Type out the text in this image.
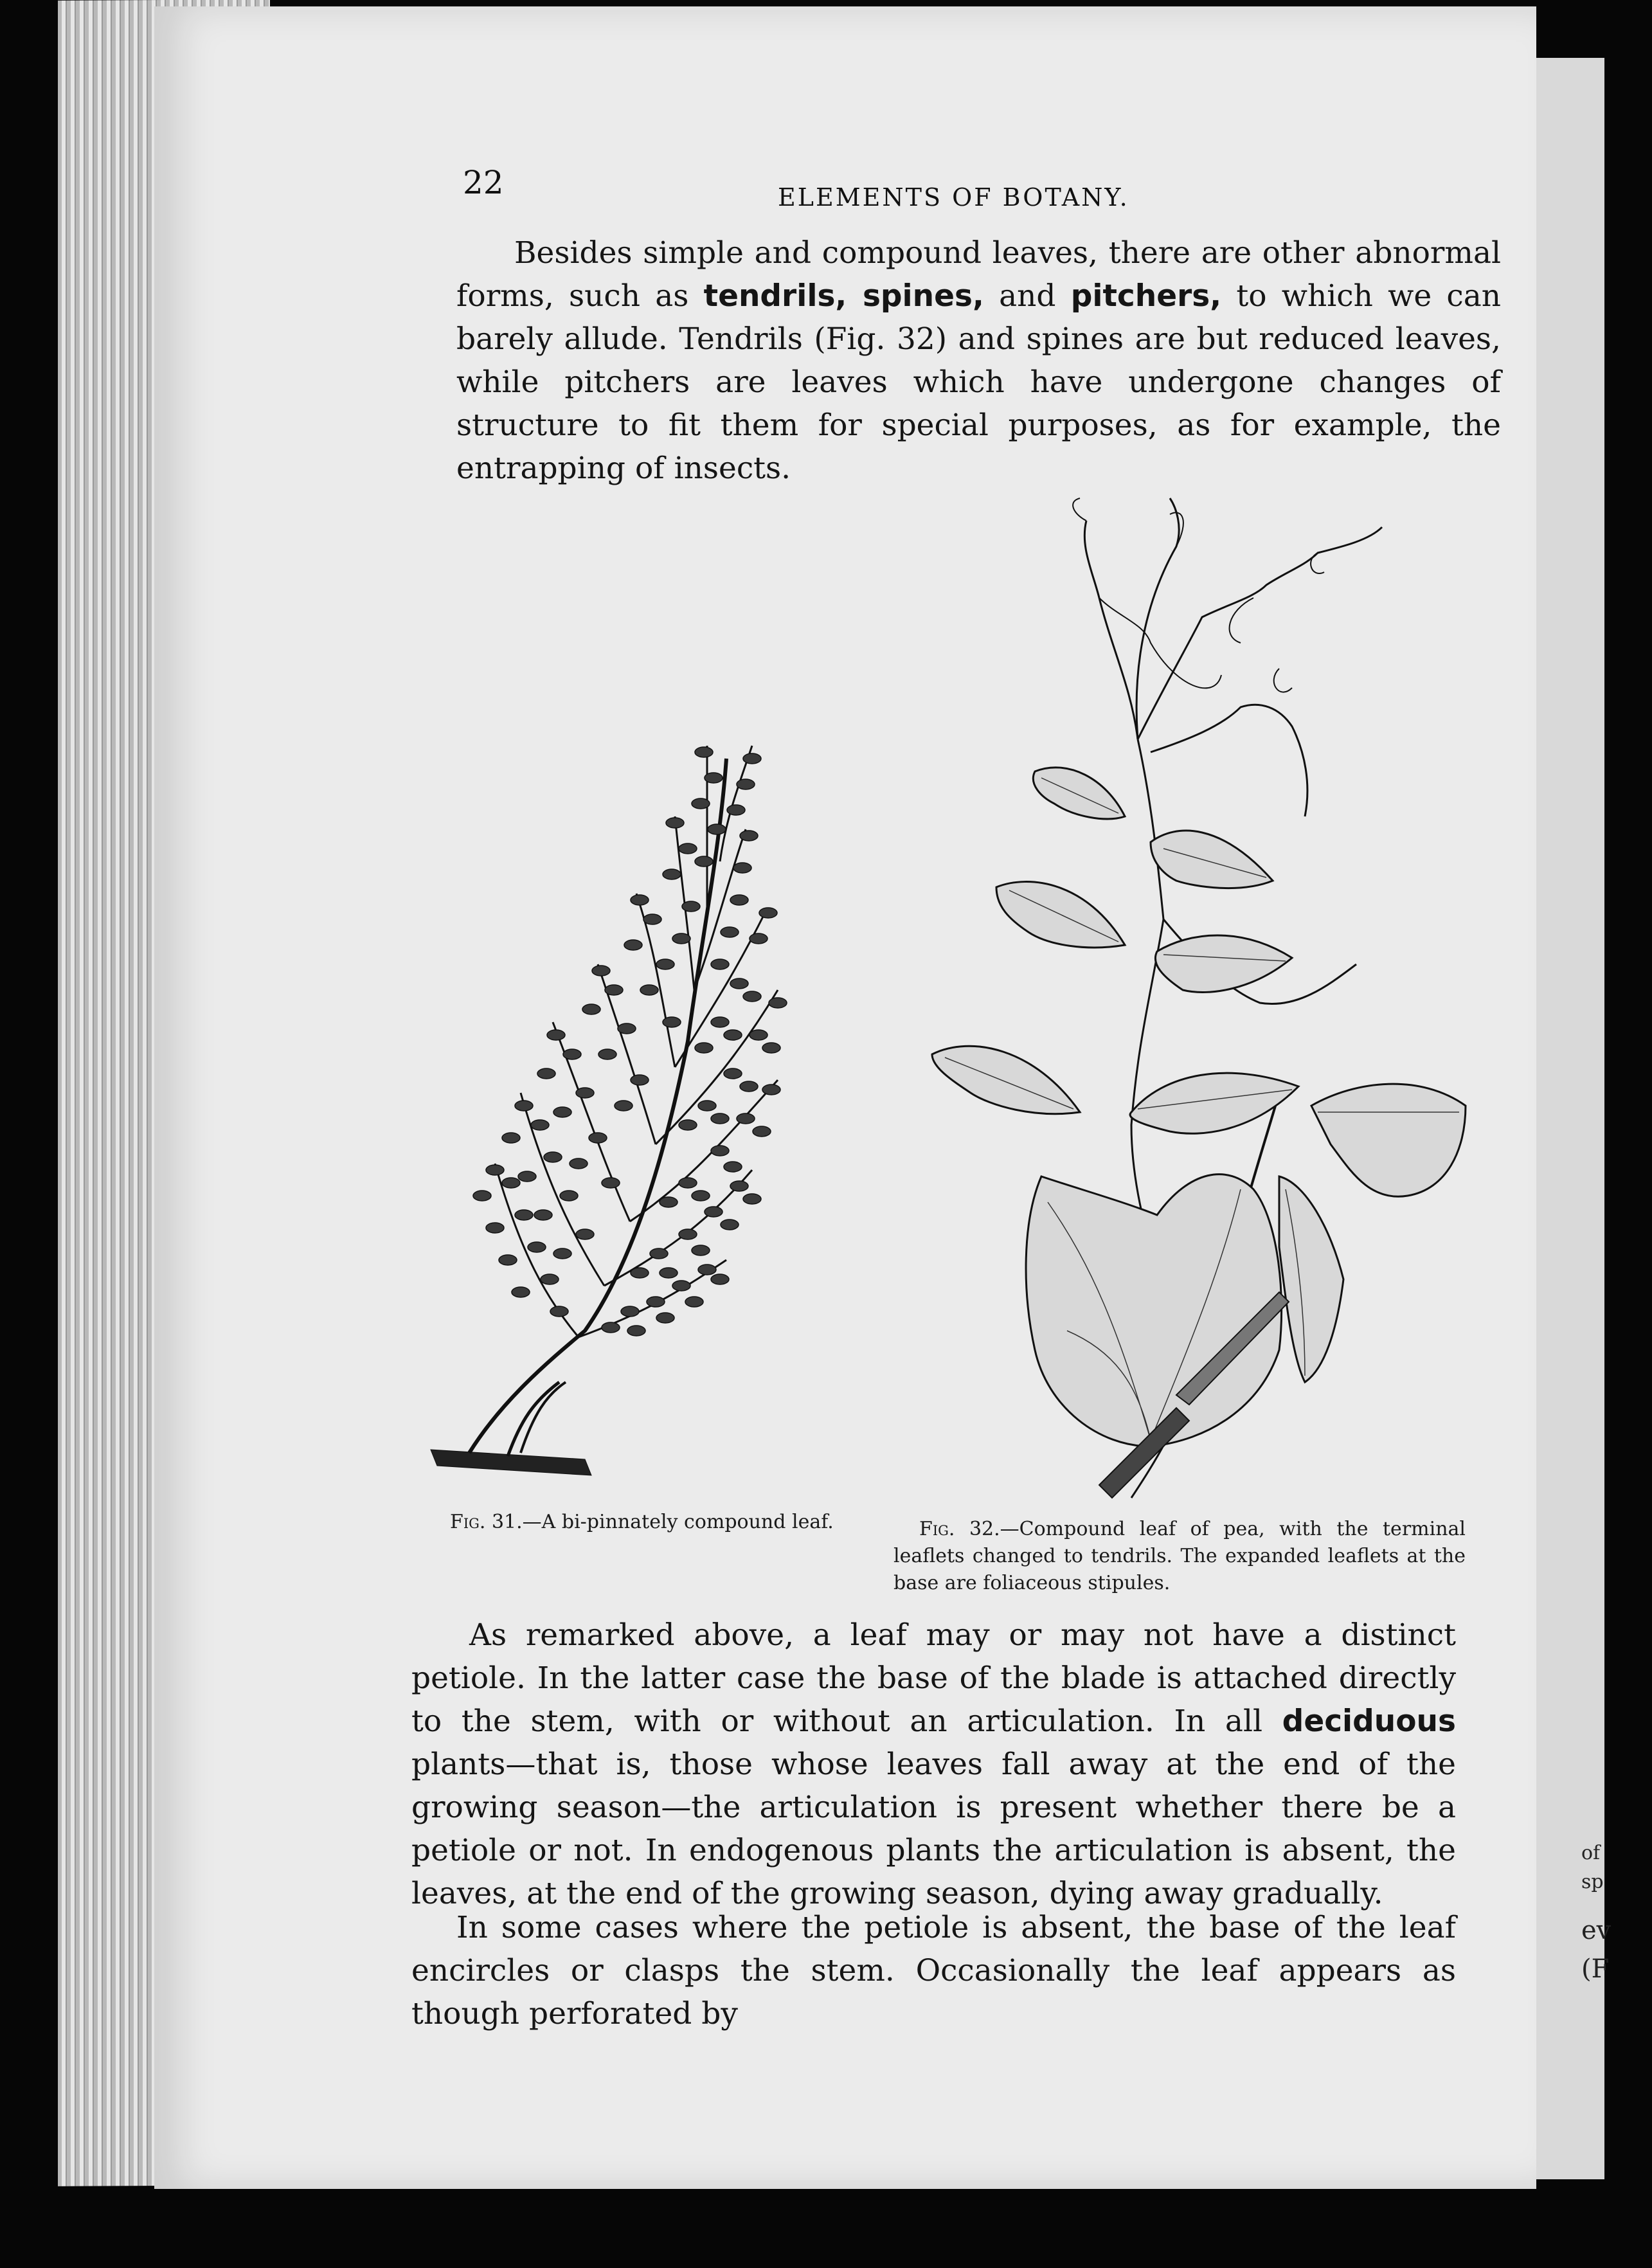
of
sp
ev
(F
22	ELEMENTS OF BOTANY.

Besides simple and compound leaves, there are other abnormal forms, such as tendrils, spines, and pitchers, to which we can barely allude. Tendrils (Fig. 32) and spines are but reduced leaves, while pitchers are leaves which have undergone changes of structure to fit them for special purposes, as for example, the entrapping of insects.

Fig. 31.—A bi-pinnately compound leaf.	Fig. 32.—Compound leaf of pea, with the terminal leaflets changed to tendrils. The expanded leaflets at the base are foliaceous stipules.

As remarked above, a leaf may or may not have a distinct petiole. In the latter case the base of the blade is attached directly to the stem, with or without an articulation. In all deciduous plants—that is, those whose leaves fall away at the end of the growing season—the articulation is present whether there be a petiole or not. In endogenous plants the articulation is absent, the leaves, at the end of the growing season, dying away gradually.

In some cases where the petiole is absent, the base of the leaf encircles or clasps the stem. Occasionally the leaf appears as though perforated by
